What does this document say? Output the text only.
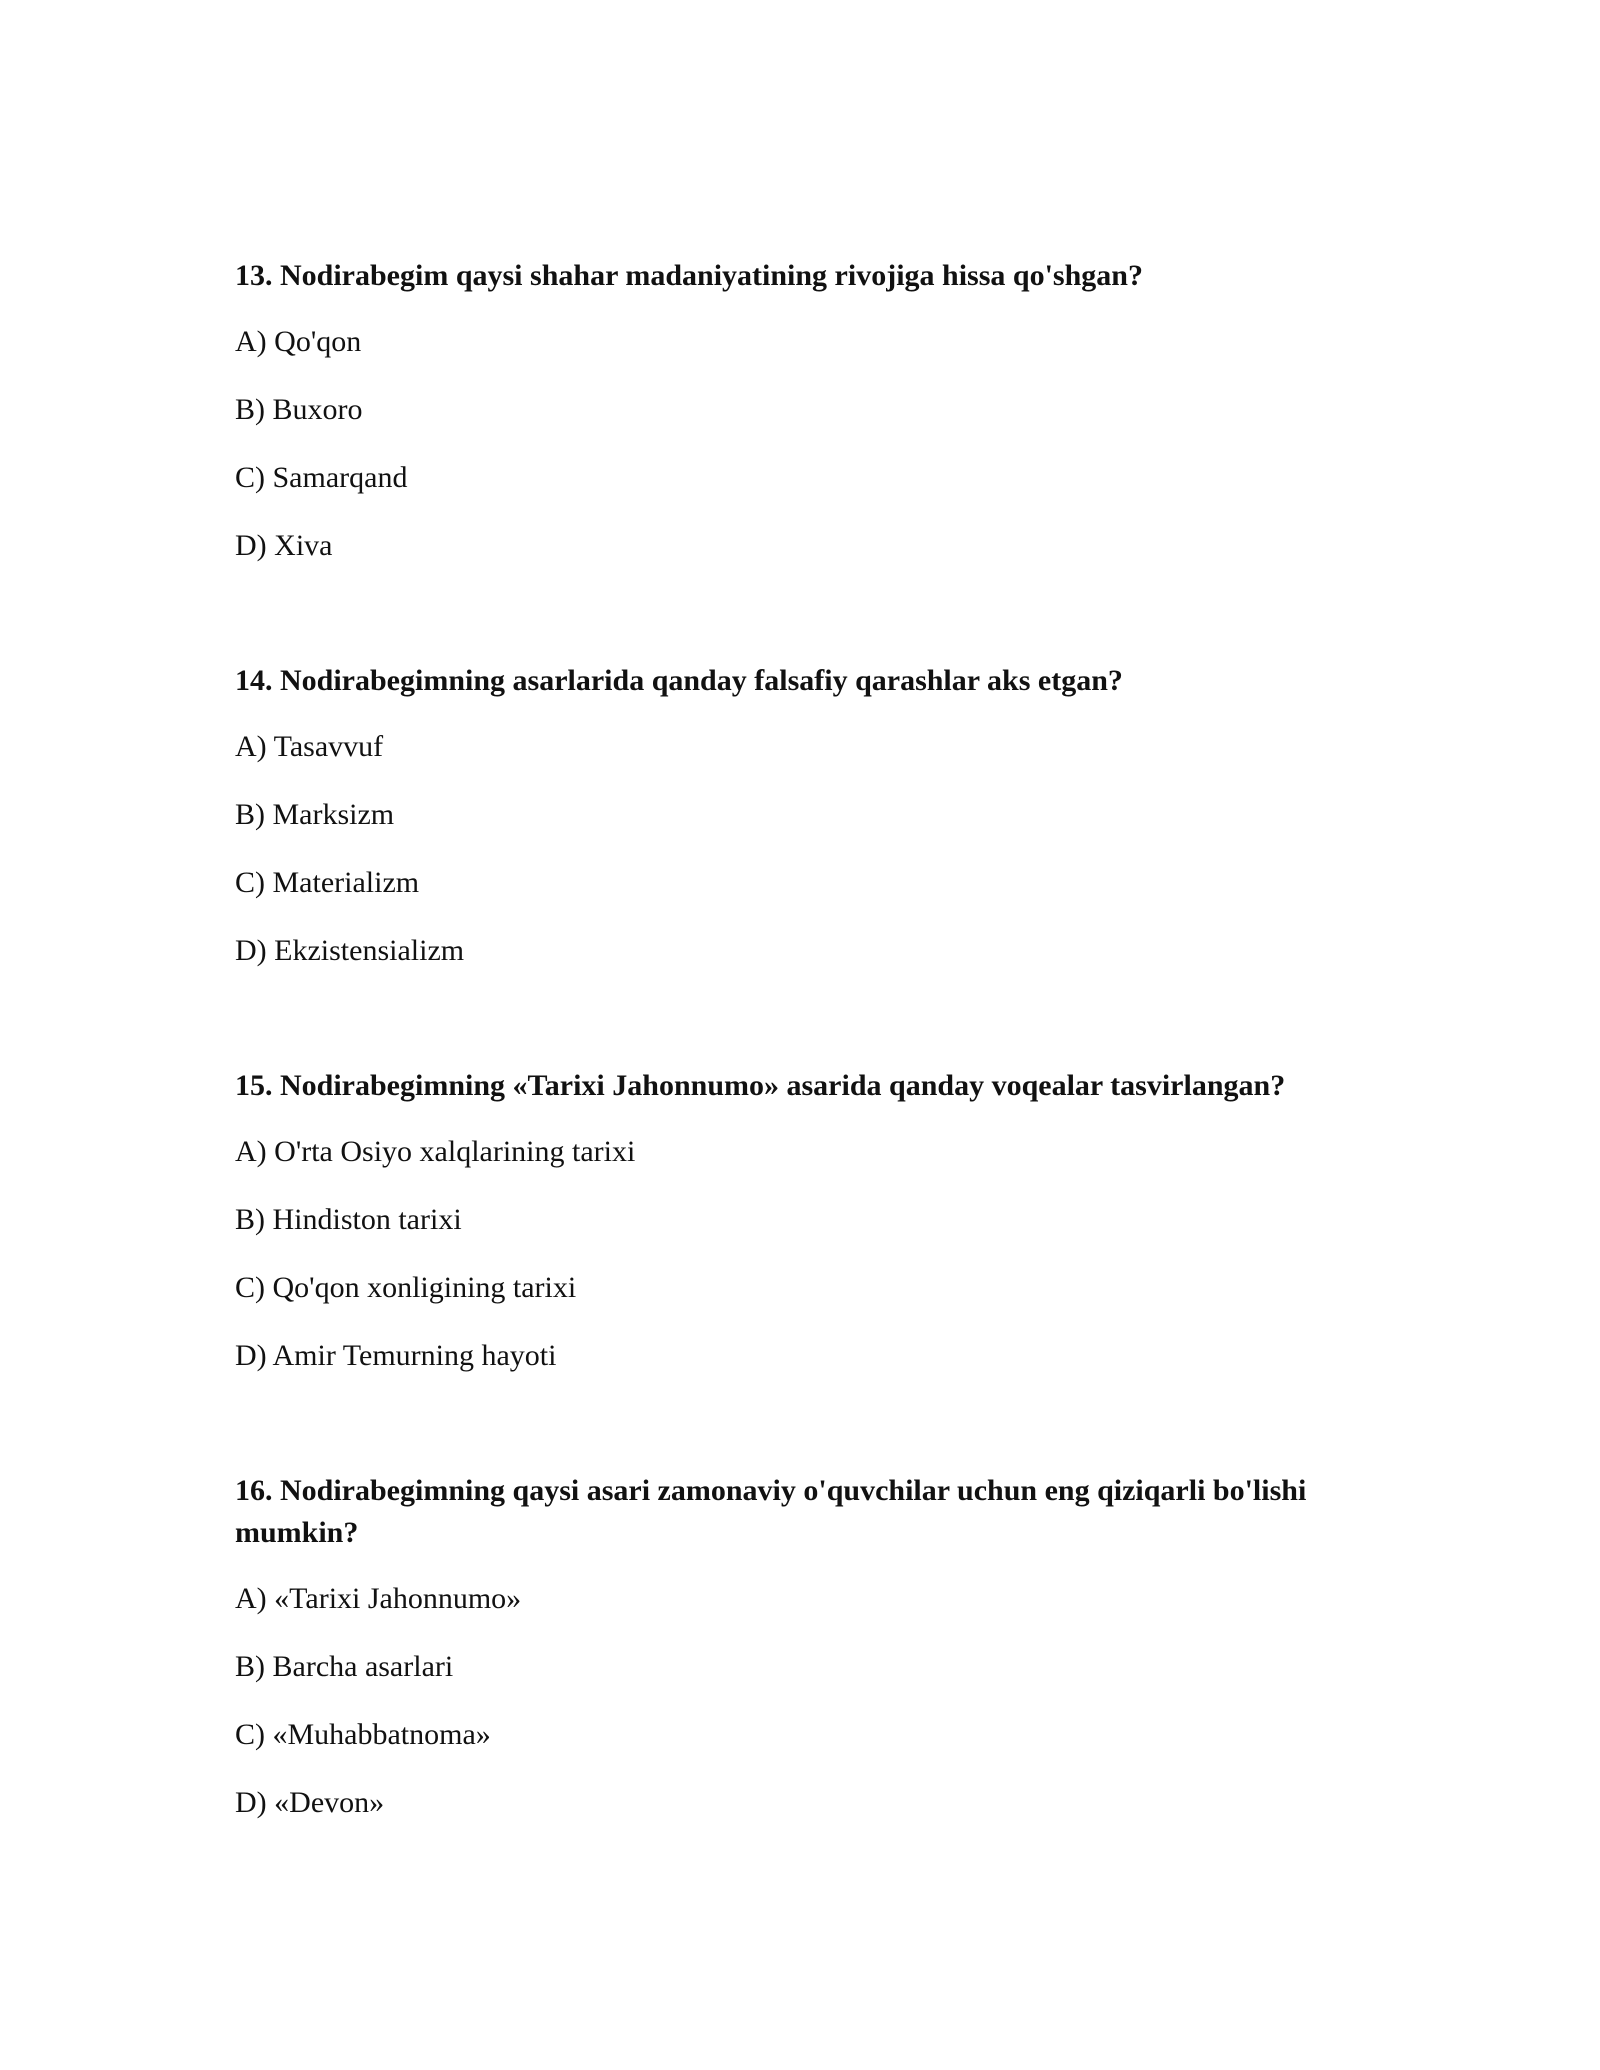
13. Nodirabegim qaysi shahar madaniyatining rivojiga hissa qo'shgan?
A) Qo'qon
B) Buxoro
C) Samarqand
D) Xiva
14. Nodirabegimning asarlarida qanday falsafiy qarashlar aks etgan?
A) Tasavvuf
B) Marksizm
C) Materializm
D) Ekzistensializm
15. Nodirabegimning «Tarixi Jahonnumo» asarida qanday voqealar tasvirlangan?
A) O'rta Osiyo xalqlarining tarixi
B) Hindiston tarixi
C) Qo'qon xonligining tarixi
D) Amir Temurning hayoti
16. Nodirabegimning qaysi asari zamonaviy o'quvchilar uchun eng qiziqarli bo'lishi mumkin?
A) «Tarixi Jahonnumo»
B) Barcha asarlari
C) «Muhabbatnoma»
D) «Devon»
